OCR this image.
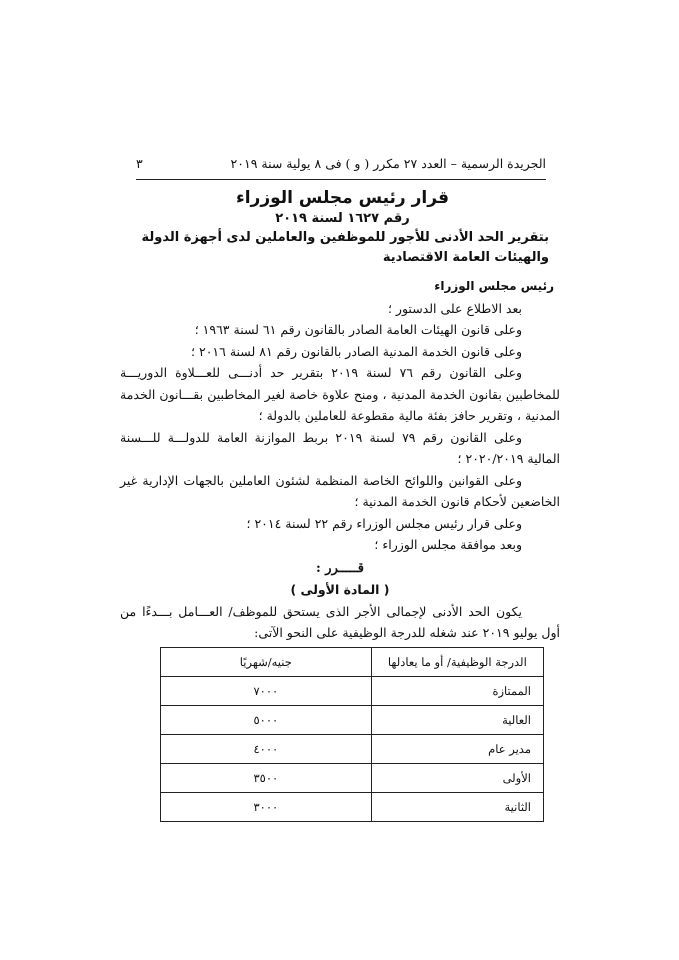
الجريدة الرسمية – العدد ٢٧ مكرر ( و ) فى ٨ يولية سنة ٢٠١٩
٣
قرار رئيس مجلس الوزراء
رقم ١٦٢٧ لسنة ٢٠١٩
بتقرير الحد الأدنى للأجور للموظفين والعاملين لدى أجهزة الدولة
والهيئات العامة الاقتصادية
رئيس مجلس الوزراء
بعد الاطلاع على الدستور ؛
وعلى قانون الهيئات العامة الصادر بالقانون رقم ٦١ لسنة ١٩٦٣ ؛
وعلى قانون الخدمة المدنية الصادر بالقانون رقم ٨١ لسنة ٢٠١٦ ؛
وعلى القانون رقم ٧٦ لسنة ٢٠١٩ بتقرير حد أدنـــى للعـــلاوة الدوريـــة للمخاطبين بقانون الخدمة المدنية ، ومنح علاوة خاصة لغير المخاطبين بقـــانون الخدمة المدنية ، وتقرير حافز بفئة مالية مقطوعة للعاملين بالدولة ؛
وعلى القانون رقم ٧٩ لسنة ٢٠١٩ بربط الموازنة العامة للدولـــة للـــسنة المالية ٢٠٢٠/٢٠١٩ ؛
وعلى القوانين واللوائح الخاصة المنظمة لشئون العاملين بالجهات الإدارية غير الخاضعين لأحكام قانون الخدمة المدنية ؛
وعلى قرار رئيس مجلس الوزراء رقم ٢٢ لسنة ٢٠١٤ ؛
وبعد موافقة مجلس الوزراء ؛
قـــــرر :
( المادة الأولى )
يكون الحد الأدنى لإجمالى الأجر الذى يستحق للموظف/ العـــامل بـــدءًا من أول يوليو ٢٠١٩ عند شغله للدرجة الوظيفية على النحو الآتى:
الدرجة الوظيفية/ أو ما يعادلها	جنيه/شهريًا
الممتازة	٧٠٠٠
العالية	٥٠٠٠
مدير عام	٤٠٠٠
الأولى	٣٥٠٠
الثانية	٣٠٠٠
